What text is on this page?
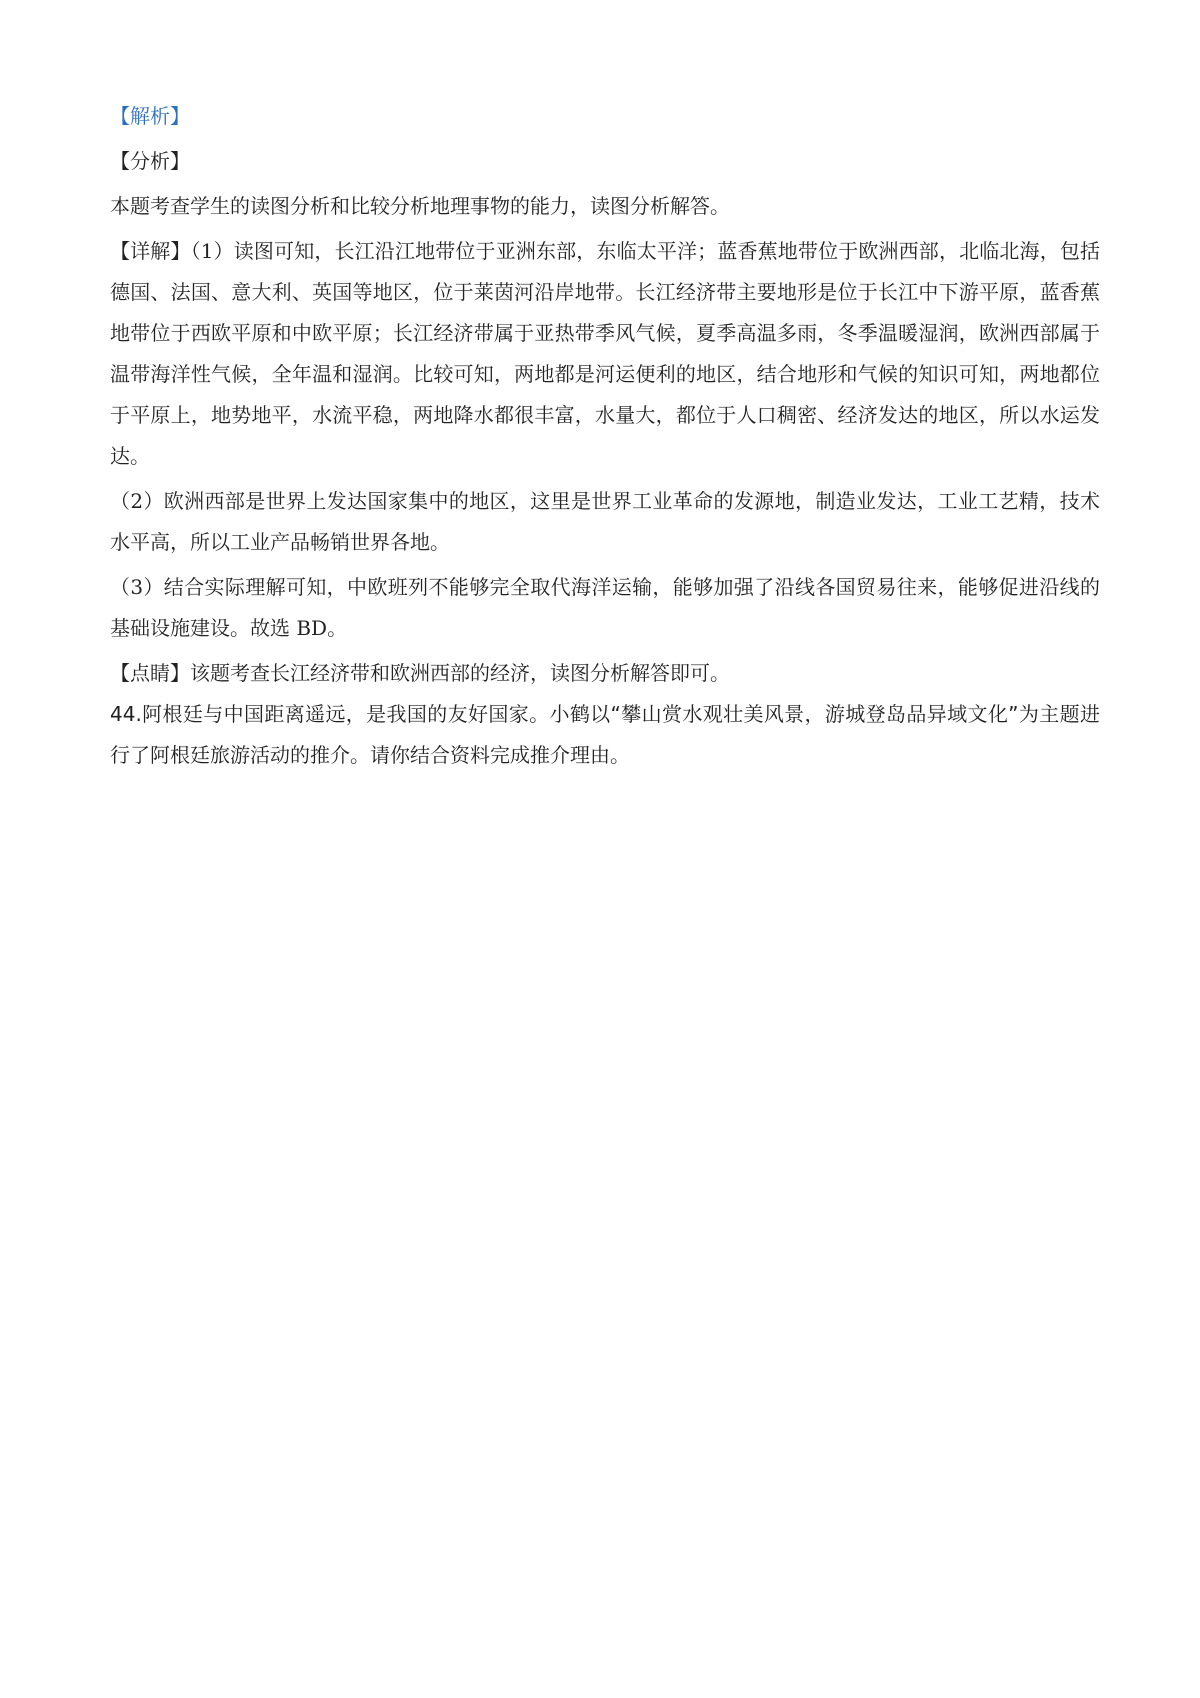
【解析】

【分析】

本题考查学生的读图分析和比较分析地理事物的能力，读图分析解答。

【详解】（1）读图可知，长江沿江地带位于亚洲东部，东临太平洋；蓝香蕉地带位于欧洲西部，北临北海，包括德国、法国、意大利、英国等地区，位于莱茵河沿岸地带。长江经济带主要地形是位于长江中下游平原，蓝香蕉地带位于西欧平原和中欧平原；长江经济带属于亚热带季风气候，夏季高温多雨，冬季温暖湿润，欧洲西部属于温带海洋性气候，全年温和湿润。比较可知，两地都是河运便利的地区，结合地形和气候的知识可知，两地都位于平原上，地势地平，水流平稳，两地降水都很丰富，水量大，都位于人口稠密、经济发达的地区，所以水运发达。

（2）欧洲西部是世界上发达国家集中的地区，这里是世界工业革命的发源地，制造业发达，工业工艺精，技术水平高，所以工业产品畅销世界各地。

（3）结合实际理解可知，中欧班列不能够完全取代海洋运输，能够加强了沿线各国贸易往来，能够促进沿线的基础设施建设。故选 BD。

【点睛】该题考查长江经济带和欧洲西部的经济，读图分析解答即可。

44.阿根廷与中国距离遥远，是我国的友好国家。小鹤以“攀山赏水观壮美风景，游城登岛品异域文化”为主题进行了阿根廷旅游活动的推介。请你结合资料完成推介理由。
